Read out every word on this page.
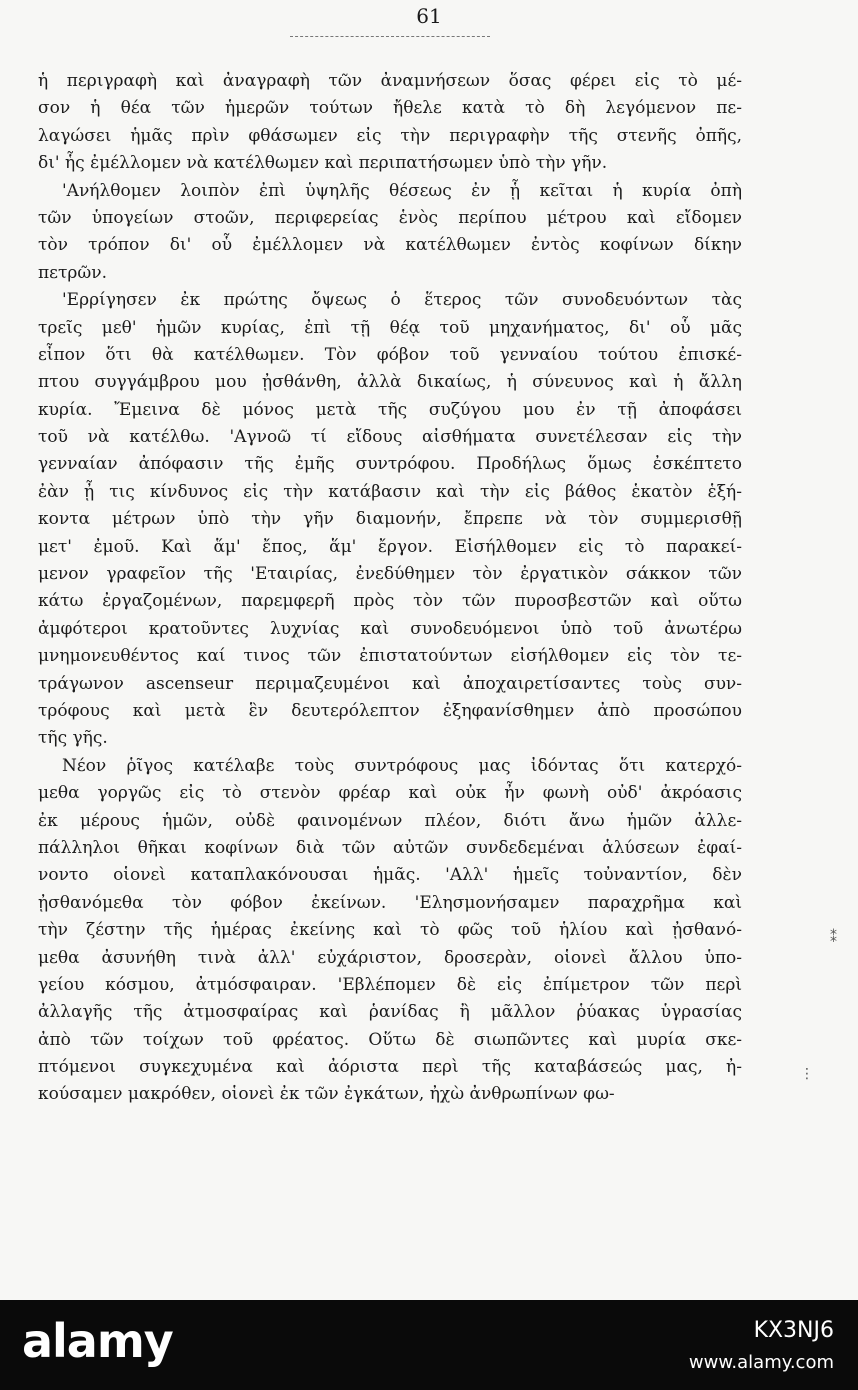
61
ἡ περιγραφὴ καὶ ἀναγραφὴ τῶν ἀναμνήσεων ὅσας φέρει εἰς τὸ μέ-
σον ἡ θέα τῶν ἡμερῶν τούτων ἤθελε κατὰ τὸ δὴ λεγόμενον πε-
λαγώσει ἡμᾶς πρὶν φθάσωμεν εἰς τὴν περιγραφὴν τῆς στενῆς ὀπῆς,
δι' ἧς ἐμέλλομεν νὰ κατέλθωμεν καὶ περιπατήσωμεν ὑπὸ τὴν γῆν.
'Ανήλθομεν λοιπὸν ἐπὶ ὑψηλῆς θέσεως ἐν ᾗ κεῖται ἡ κυρία ὀπὴ
τῶν ὑπογείων στοῶν, περιφερείας ἑνὸς περίπου μέτρου καὶ εἴδομεν
τὸν τρόπον δι' οὗ ἐμέλλομεν νὰ κατέλθωμεν ἐντὸς κοφίνων δίκην
πετρῶν.
'Ερρίγησεν ἐκ πρώτης ὄψεως ὁ ἕτερος τῶν συνοδευόντων τὰς
τρεῖς μεθ' ἡμῶν κυρίας, ἐπὶ τῇ θέᾳ τοῦ μηχανήματος, δι' οὗ μᾶς
εἶπον ὅτι θὰ κατέλθωμεν. Τὸν φόβον τοῦ γενναίου τούτου ἐπισκέ-
πτου συγγάμβρου μου ᾐσθάνθη, ἀλλὰ δικαίως, ἡ σύνευνος καὶ ἡ ἄλλη
κυρία. Ἔμεινα δὲ μόνος μετὰ τῆς συζύγου μου ἐν τῇ ἀποφάσει
τοῦ νὰ κατέλθω. 'Αγνοῶ τί εἴδους αἰσθήματα συνετέλεσαν εἰς τὴν
γενναίαν ἀπόφασιν τῆς ἐμῆς συντρόφου. Προδήλως ὅμως ἐσκέπτετο
ἐὰν ᾖ τις κίνδυνος εἰς τὴν κατάβασιν καὶ τὴν εἰς βάθος ἑκατὸν ἑξή-
κοντα μέτρων ὑπὸ τὴν γῆν διαμονήν, ἔπρεπε νὰ τὸν συμμερισθῇ
μετ' ἐμοῦ. Καὶ ἅμ' ἔπος, ἅμ' ἔργον. Εἰσήλθομεν εἰς τὸ παρακεί-
μενον γραφεῖον τῆς 'Εταιρίας, ἐνεδύθημεν τὸν ἐργατικὸν σάκκον τῶν
κάτω ἐργαζομένων, παρεμφερῆ πρὸς τὸν τῶν πυροσβεστῶν καὶ οὕτω
ἀμφότεροι κρατοῦντες λυχνίας καὶ συνοδευόμενοι ὑπὸ τοῦ ἀνωτέρω
μνημονευθέντος καί τινος τῶν ἐπιστατούντων εἰσήλθομεν εἰς τὸν τε-
τράγωνον ascenseur περιμαζευμένοι καὶ ἀποχαιρετίσαντες τοὺς συν-
τρόφους καὶ μετὰ ἓν δευτερόλεπτον ἐξηφανίσθημεν ἀπὸ προσώπου
τῆς γῆς.
Νέον ῥῖγος κατέλαβε τοὺς συντρόφους μας ἰδόντας ὅτι κατερχό-
μεθα γοργῶς εἰς τὸ στενὸν φρέαρ καὶ οὐκ ἦν φωνὴ οὐδ' ἀκρόασις
ἐκ μέρους ἡμῶν, οὐδὲ φαινομένων πλέον, διότι ἄνω ἡμῶν ἀλλε-
πάλληλοι θῆκαι κοφίνων διὰ τῶν αὐτῶν συνδεδεμέναι ἁλύσεων ἐφαί-
νοντο οἱονεὶ καταπλακόνουσαι ἡμᾶς. 'Αλλ' ἡμεῖς τοὐναντίον, δὲν
ᾐσθανόμεθα τὸν φόβον ἐκείνων. 'Ελησμονήσαμεν παραχρῆμα καὶ
τὴν ζέστην τῆς ἡμέρας ἐκείνης καὶ τὸ φῶς τοῦ ἡλίου καὶ ᾐσθανό-
μεθα ἀσυνήθη τινὰ ἀλλ' εὐχάριστον, δροσερὰν, οἱονεὶ ἄλλου ὑπο-
γείου κόσμου, ἀτμόσφαιραν. 'Εβλέπομεν δὲ εἰς ἐπίμετρον τῶν περὶ
ἀλλαγῆς τῆς ἀτμοσφαίρας καὶ ῥανίδας ἢ μᾶλλον ῥύακας ὑγρασίας
ἀπὸ τῶν τοίχων τοῦ φρέατος. Οὕτω δὲ σιωπῶντες καὶ μυρία σκε-
πτόμενοι συγκεχυμένα καὶ ἀόριστα περὶ τῆς καταβάσεώς μας, ἠ-
κούσαμεν μακρόθεν, οἱονεὶ ἐκ τῶν ἐγκάτων, ἠχὼ ἀνθρωπίνων φω-
⁑
⋮
alamy	KX3NJ6
www.alamy.com
